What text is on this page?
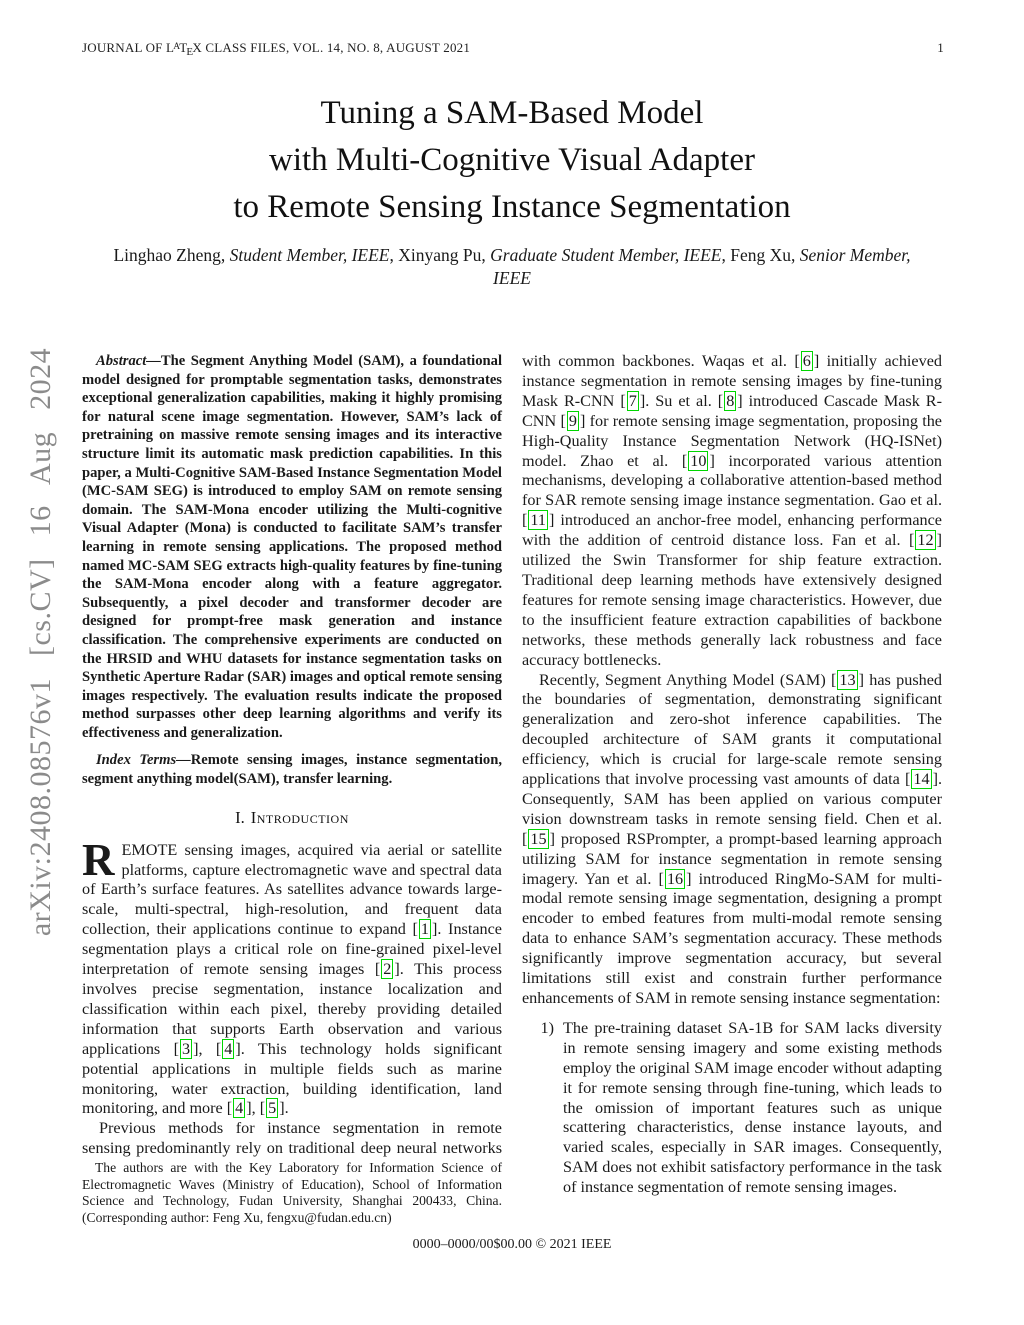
JOURNAL OF $L^ATEX$ CLASS FILES, VOL. 14, NO. 8, AUGUST 2021	1
arXiv:2408.08576v1 [cs.CV] 16 Aug 2024
Tuning a SAM-Based Model
with Multi-Cognitive Visual Adapter
to Remote Sensing Instance Segmentation
Linghao Zheng, Student Member, IEEE, Xinyang Pu, Graduate Student Member, IEEE, Feng Xu, Senior Member, IEEE

Abstract—The Segment Anything Model (SAM), a foundational model designed for promptable segmentation tasks, demonstrates exceptional generalization capabilities, making it highly promising for natural scene image segmentation. However, SAM’s lack of pretraining on massive remote sensing images and its interactive structure limit its automatic mask prediction capabilities. In this paper, a Multi-Cognitive SAM-Based Instance Segmentation Model (MC-SAM SEG) is introduced to employ SAM on remote sensing domain. The SAM-Mona encoder utilizing the Multi-cognitive Visual Adapter (Mona) is conducted to facilitate SAM’s transfer learning in remote sensing applications. The proposed method named MC-SAM SEG extracts high-quality features by fine-tuning the SAM-Mona encoder along with a feature aggregator. Subsequently, a pixel decoder and transformer decoder are designed for prompt-free mask generation and instance classification. The comprehensive experiments are conducted on the HRSID and WHU datasets for instance segmentation tasks on Synthetic Aperture Radar (SAR) images and optical remote sensing images respectively. The evaluation results indicate the proposed method surpasses other deep learning algorithms and verify its effectiveness and generalization.

Index Terms—Remote sensing images, instance segmentation, segment anything model(SAM), transfer learning.

I. Introduction

REMOTE sensing images, acquired via aerial or satellite platforms, capture electromagnetic wave and spectral data of Earth’s surface features. As satellites advance towards large-scale, multi-spectral, high-resolution, and frequent data collection, their applications continue to expand [ 1 ]. Instance segmentation plays a critical role on fine-grained pixel-level interpretation of remote sensing images [ 2 ]. This process involves precise segmentation, instance localization and classification within each pixel, thereby providing detailed information that supports Earth observation and various applications [ 3 ], [ 4 ]. This technology holds significant potential applications in multiple fields such as marine monitoring, water extraction, building identification, land monitoring, and more [ 4 ], [ 5 ].

Previous methods for instance segmentation in remote sensing predominantly rely on traditional deep neural networks

The authors are with the Key Laboratory for Information Science of Electromagnetic Waves (Ministry of Education), School of Information Science and Technology, Fudan University, Shanghai 200433, China. (Corresponding author: Feng Xu, fengxu@fudan.edu.cn)

with common backbones. Waqas et al. [ 6 ] initially achieved instance segmentation in remote sensing images by fine-tuning Mask R-CNN [ 7 ]. Su et al. [ 8 ] introduced Cascade Mask R-CNN [ 9 ] for remote sensing image segmentation, proposing the High-Quality Instance Segmentation Network (HQ-ISNet) model. Zhao et al. [ 10 ] incorporated various attention mechanisms, developing a collaborative attention-based method for SAR remote sensing image instance segmentation. Gao et al. [ 11 ] introduced an anchor-free model, enhancing performance with the addition of centroid distance loss. Fan et al. [ 12 ] utilized the Swin Transformer for ship feature extraction. Traditional deep learning methods have extensively designed features for remote sensing image characteristics. However, due to the insufficient feature extraction capabilities of backbone networks, these methods generally lack robustness and face accuracy bottlenecks.

Recently, Segment Anything Model (SAM) [ 13 ] has pushed the boundaries of segmentation, demonstrating significant generalization and zero-shot inference capabilities. The decoupled architecture of SAM grants it computational efficiency, which is crucial for large-scale remote sensing applications that involve processing vast amounts of data [ 14 ]. Consequently, SAM has been applied on various computer vision downstream tasks in remote sensing field. Chen et al. [ 15 ] proposed RSPrompter, a prompt-based learning approach utilizing SAM for instance segmentation in remote sensing imagery. Yan et al. [ 16 ] introduced RingMo-SAM for multi-modal remote sensing image segmentation, designing a prompt encoder to embed features from multi-modal remote sensing data to enhance SAM’s segmentation accuracy. These methods significantly improve segmentation accuracy, but several limitations still exist and constrain further performance enhancements of SAM in remote sensing instance segmentation:

1) The pre-training dataset SA-1B for SAM lacks diversity in remote sensing imagery and some existing methods employ the original SAM image encoder without adapting it for remote sensing through fine-tuning, which leads to the omission of important features such as unique scattering characteristics, dense instance layouts, and varied scales, especially in SAR images. Consequently, SAM does not exhibit satisfactory performance in the task of instance segmentation of remote sensing images.
0000–0000/00$00.00 © 2021 IEEE
